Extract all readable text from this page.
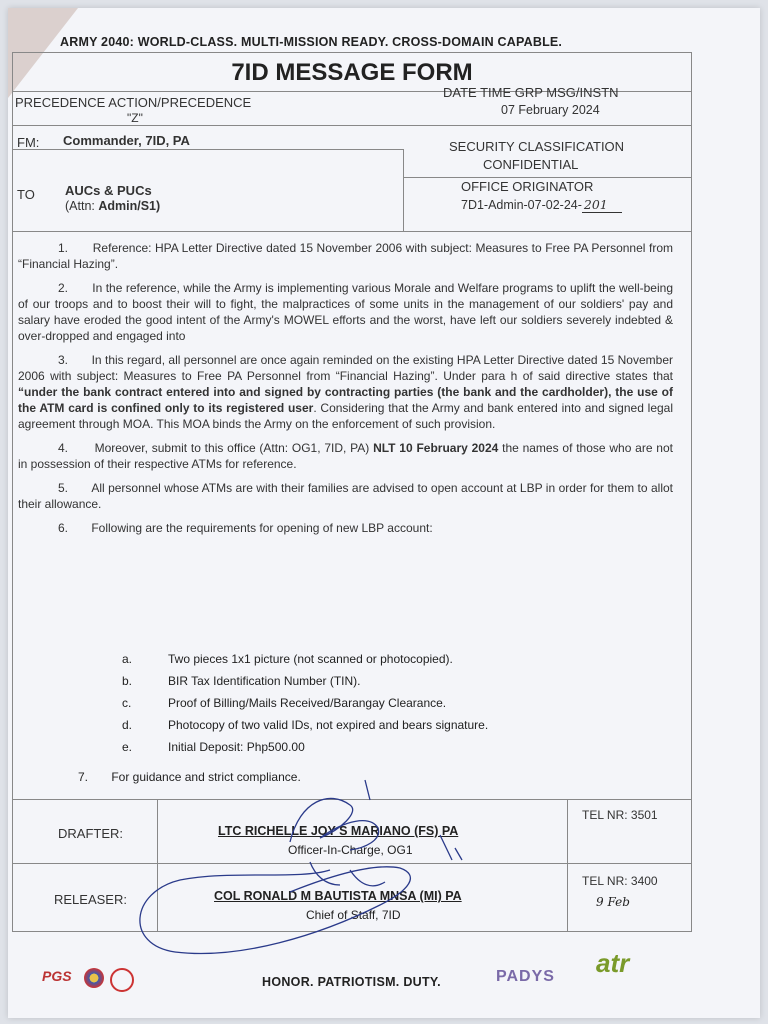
ARMY 2040: WORLD-CLASS. MULTI-MISSION READY. CROSS-DOMAIN CAPABLE.
7ID MESSAGE FORM
PRECEDENCE ACTION/PRECEDENCE
"Z"
DATE TIME GRP MSG/INSTN
07 February 2024
FM: Commander, 7ID, PA	SECURITY CLASSIFICATION
CONFIDENTIAL
TO AUCs & PUCs
(Attn: Admin/S1)
OFFICE ORIGINATOR
7D1-Admin-07-02-24- 201

1.       Reference: HPA Letter Directive dated 15 November 2006 with subject: Measures to Free PA Personnel from “Financial Hazing”.

2.       In the reference, while the Army is implementing various Morale and Welfare programs to uplift the well-being of our troops and to boost their will to fight, the malpractices of some units in the management of our soldiers' pay and salary have eroded the good intent of the Army's MOWEL efforts and the worst, have left our soldiers severely indebted & over-dropped and engaged into

3.       In this regard, all personnel are once again reminded on the existing HPA Letter Directive dated 15 November 2006 with subject: Measures to Free PA Personnel from “Financial Hazing”. Under para h of said directive states that “under the bank contract entered into and signed by contracting parties (the bank and the cardholder), the use of the ATM card is confined only to its registered user. Considering that the Army and bank entered into and signed legal agreement through MOA. This MOA binds the Army on the enforcement of such provision.

4.       Moreover, submit to this office (Attn: OG1, 7ID, PA) NLT 10 February 2024 the names of those who are not in possession of their respective ATMs for reference.

5.       All personnel whose ATMs are with their families are advised to open account at LBP in order for them to allot their allowance.

6.       Following are the requirements for opening of new LBP account:

a.	Two pieces 1x1 picture (not scanned or photocopied).
b.	BIR Tax Identification Number (TIN).
c.	Proof of Billing/Mails Received/Barangay Clearance.
d.	Photocopy of two valid IDs, not expired and bears signature.
e.	Initial Deposit: Php500.00
7.       For guidance and strict compliance.
DRAFTER:	LTC RICHELLE JOY S MARIANO (FS) PA
Officer-In-Charge, OG1
TEL NR: 3501
RELEASER:	COL RONALD M BAUTISTA MNSA (MI) PA
Chief of Staff, 7ID
TEL NR: 3400
9 Feb
PGS	HONOR. PATRIOTISM. DUTY.	PADYS atr
